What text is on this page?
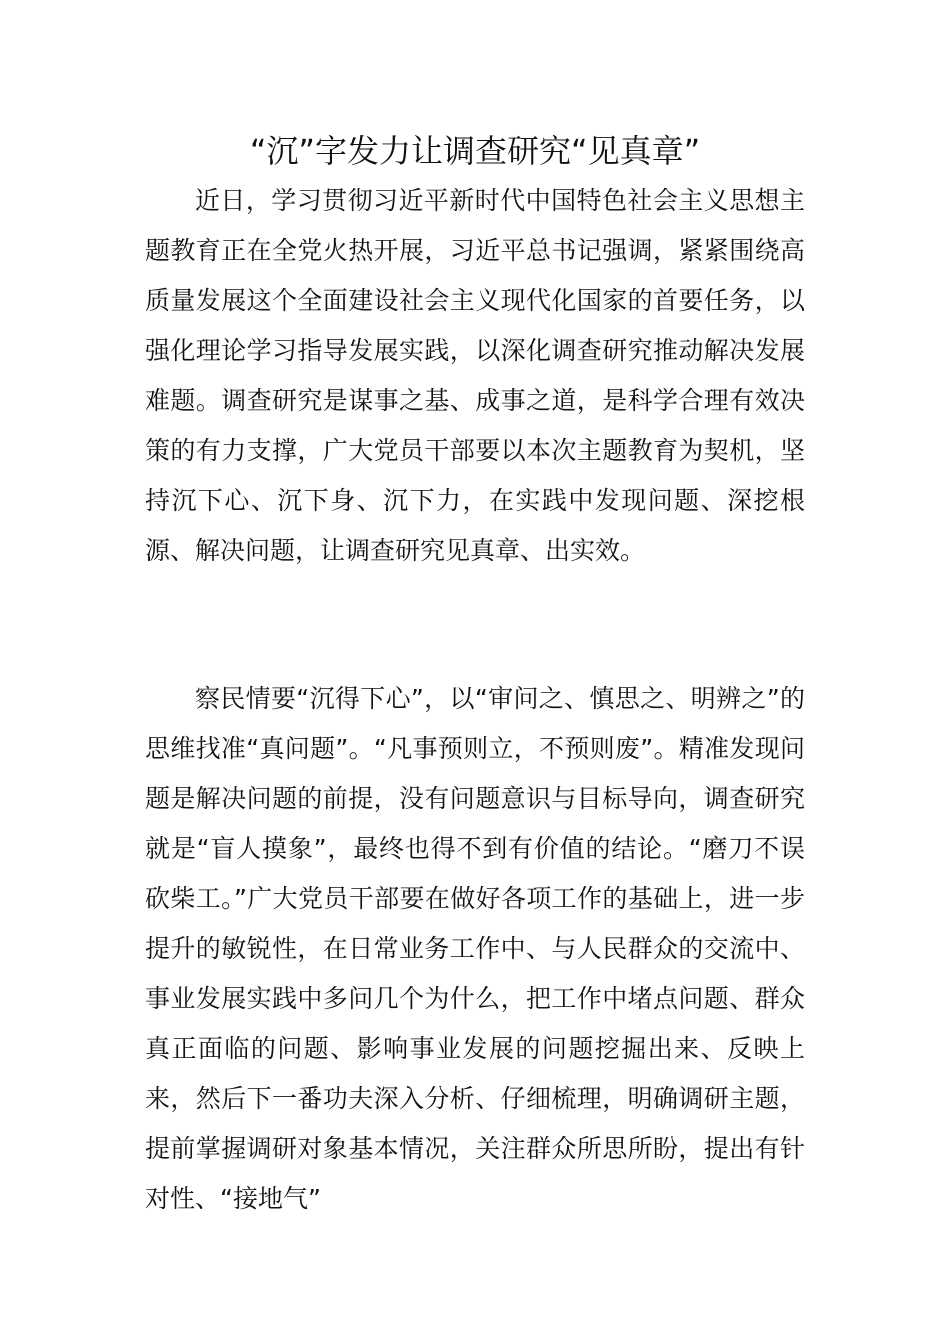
“沉”字发力让调查研究“见真章”

近日，学习贯彻习近平新时代中国特色社会主义思想主题教育正在全党火热开展，习近平总书记强调，紧紧围绕高质量发展这个全面建设社会主义现代化国家的首要任务，以强化理论学习指导发展实践，以深化调查研究推动解决发展难题。调查研究是谋事之基、成事之道，是科学合理有效决策的有力支撑，广大党员干部要以本次主题教育为契机，坚持沉下心、沉下身、沉下力，在实践中发现问题、深挖根源、解决问题，让调查研究见真章、出实效。

察民情要“沉得下心”，以“审问之、慎思之、明辨之”的思维找准“真问题”。“凡事预则立，不预则废”。精准发现问题是解决问题的前提，没有问题意识与目标导向，调查研究就是“盲人摸象”，最终也得不到有价值的结论。“磨刀不误砍柴工。”广大党员干部要在做好各项工作的基础上，进一步提升的敏锐性，在日常业务工作中、与人民群众的交流中、事业发展实践中多问几个为什么，把工作中堵点问题、群众真正面临的问题、影响事业发展的问题挖掘出来、反映上来，然后下一番功夫深入分析、仔细梳理，明确调研主题，提前掌握调研对象基本情况，关注群众所思所盼，提出有针对性、“接地气”
